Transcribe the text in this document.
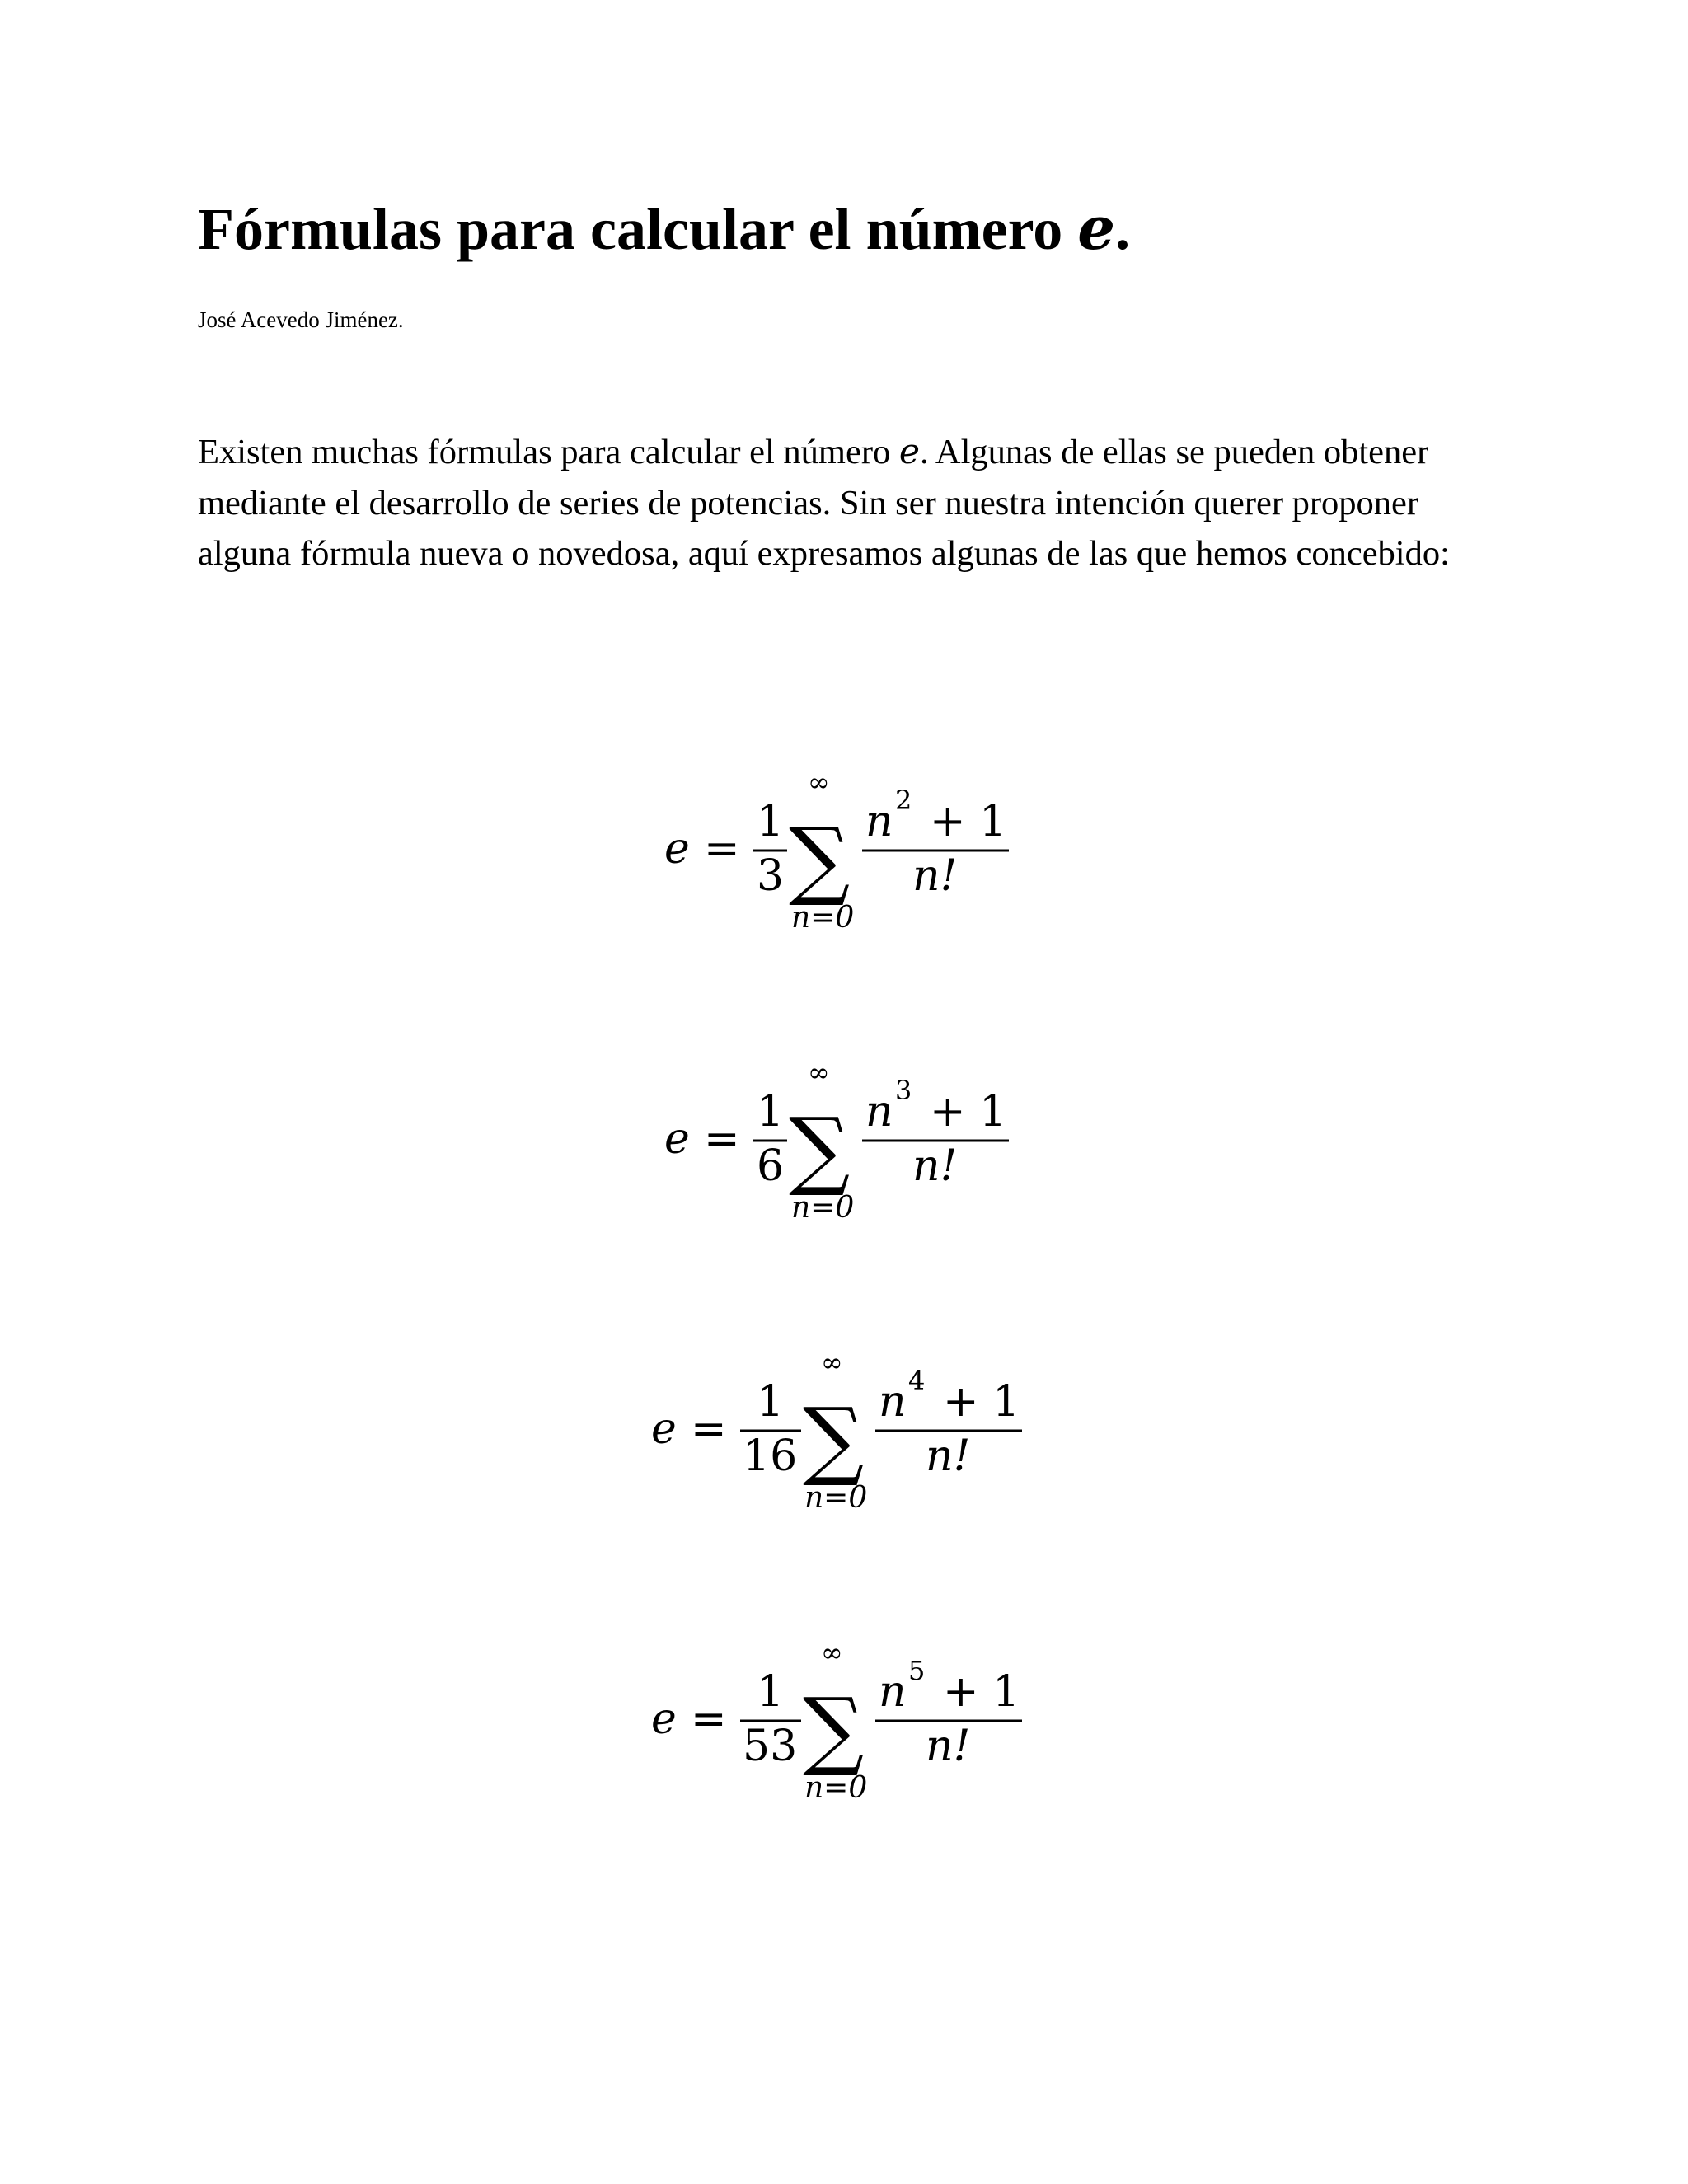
Fórmulas para calcular el número e.

José Acevedo Jiménez.

Existen muchas fórmulas para calcular el número e. Algunas de ellas se pueden obtener mediante el desarrollo de series de potencias. Sin ser nuestra intención querer proponer alguna fórmula nueva o novedosa, aquí expresamos algunas de las que hemos concebido:

e =
1
3
∞
∑
n=0
n 2 + 1
n!
e =
1
6
∞
∑
n=0
n 3 + 1
n!
e =
1
16
∞
∑
n=0
n 4 + 1
n!
e =
1
53
∞
∑
n=0
n 5 + 1
n!
